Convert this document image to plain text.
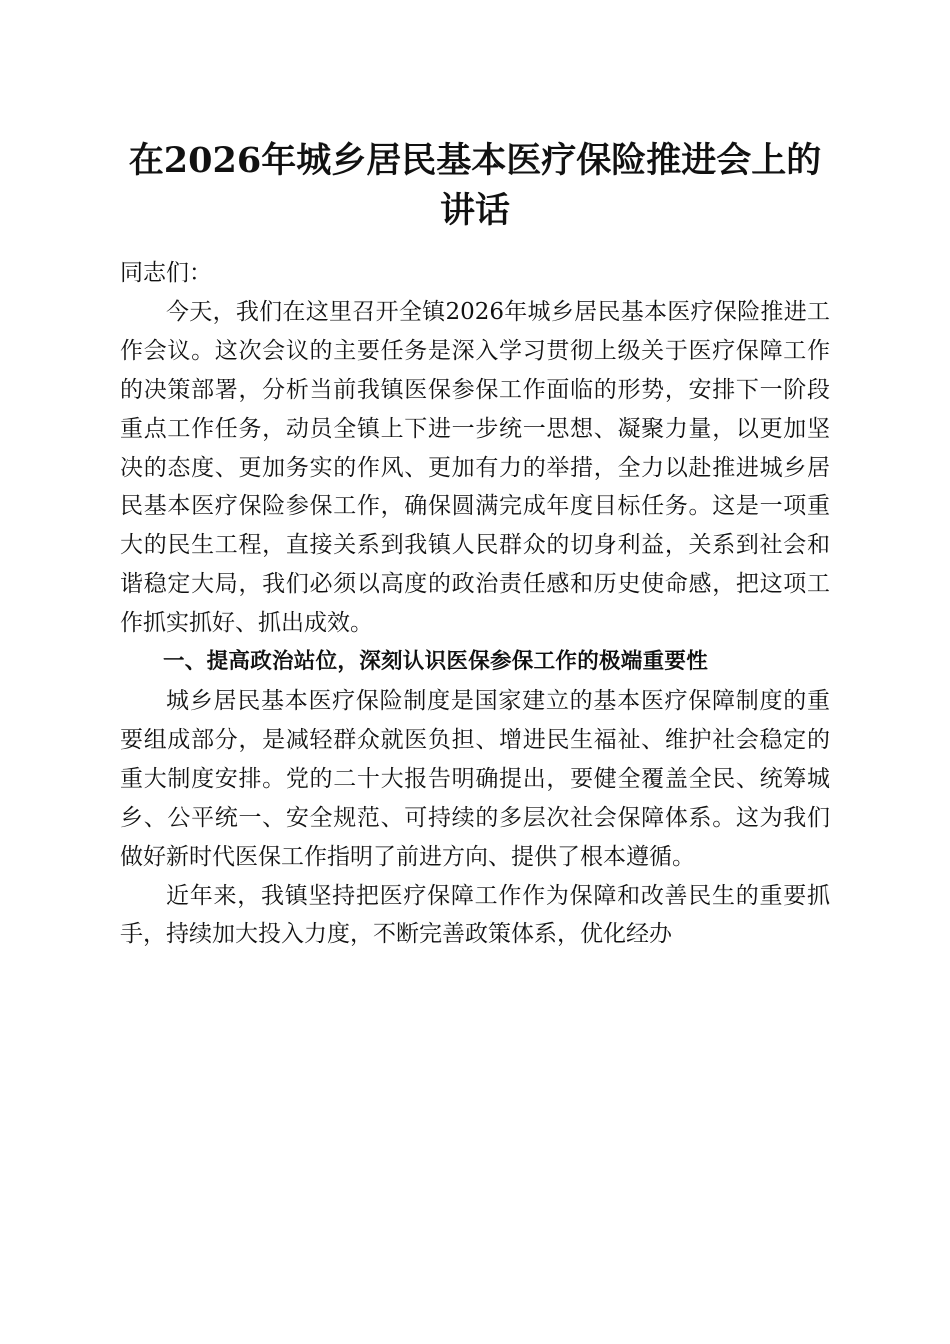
在2026年城乡居民基本医疗保险推进会上的讲话

同志们：

今天，我们在这里召开全镇2026年城乡居民基本医疗保险推进工作会议。这次会议的主要任务是深入学习贯彻上级关于医疗保障工作的决策部署，分析当前我镇医保参保工作面临的形势，安排下一阶段重点工作任务，动员全镇上下进一步统一思想、凝聚力量，以更加坚决的态度、更加务实的作风、更加有力的举措，全力以赴推进城乡居民基本医疗保险参保工作，确保圆满完成年度目标任务。这是一项重大的民生工程，直接关系到我镇人民群众的切身利益，关系到社会和谐稳定大局，我们必须以高度的政治责任感和历史使命感，把这项工作抓实抓好、抓出成效。

一、提高政治站位，深刻认识医保参保工作的极端重要性

城乡居民基本医疗保险制度是国家建立的基本医疗保障制度的重要组成部分，是减轻群众就医负担、增进民生福祉、维护社会稳定的重大制度安排。党的二十大报告明确提出，要健全覆盖全民、统筹城乡、公平统一、安全规范、可持续的多层次社会保障体系。这为我们做好新时代医保工作指明了前进方向、提供了根本遵循。

近年来，我镇坚持把医疗保障工作作为保障和改善民生的重要抓手，持续加大投入力度，不断完善政策体系，优化经办
